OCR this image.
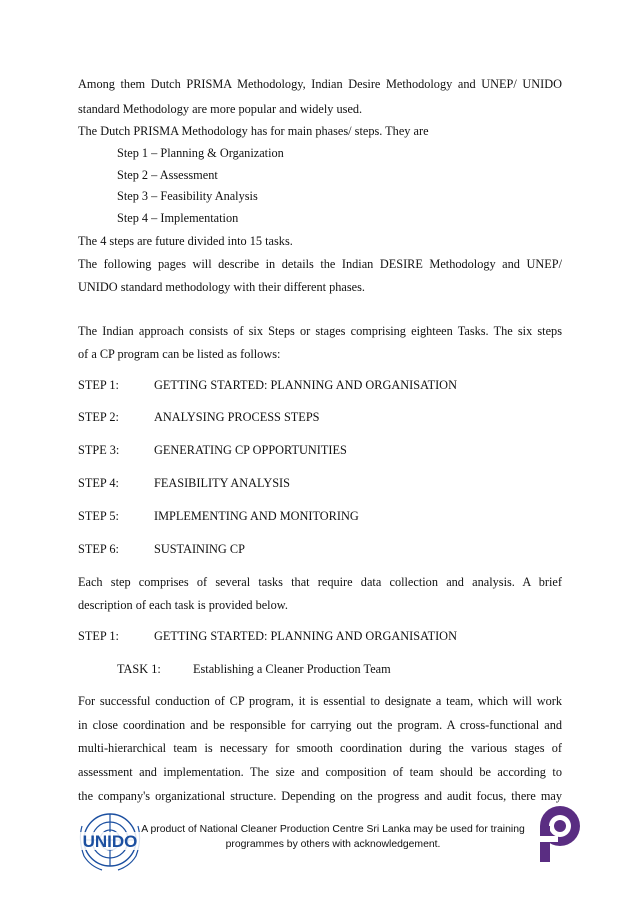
Among them Dutch PRISMA Methodology, Indian Desire Methodology and UNEP/ UNIDO
standard Methodology are more popular and widely used.
The Dutch PRISMA Methodology has for main phases/ steps. They are
Step 1 – Planning & Organization
Step 2 – Assessment
Step 3 – Feasibility Analysis
Step 4 – Implementation
The 4 steps are future divided into 15 tasks.
The following pages will describe in details the Indian DESIRE Methodology and UNEP/
UNIDO standard methodology with their different phases.
The Indian approach consists of six Steps or stages comprising eighteen Tasks. The six steps
of a CP program can be listed as follows:
STEP 1:	GETTING STARTED: PLANNING AND ORGANISATION
STEP 2:	ANALYSING PROCESS STEPS
STPE 3:	GENERATING CP OPPORTUNITIES
STEP 4:	FEASIBILITY ANALYSIS
STEP 5:	IMPLEMENTING AND MONITORING
STEP 6:	SUSTAINING CP
Each step comprises of several tasks that require data collection and analysis. A brief
description of each task is provided below.
STEP 1:	GETTING STARTED: PLANNING AND ORGANISATION
TASK 1:	Establishing a Cleaner Production Team
For successful conduction of CP program, it is essential to designate a team, which will work
in close coordination and be responsible for carrying out the program. A cross-functional and
multi-hierarchical team is necessary for smooth coordination during the various stages of
assessment and implementation. The size and composition of team should be according to
the company's organizational structure. Depending on the progress and audit focus, there may
UNIDO
A product of National Cleaner Production Centre Sri Lanka may be used for training
programmes by others with acknowledgement.
